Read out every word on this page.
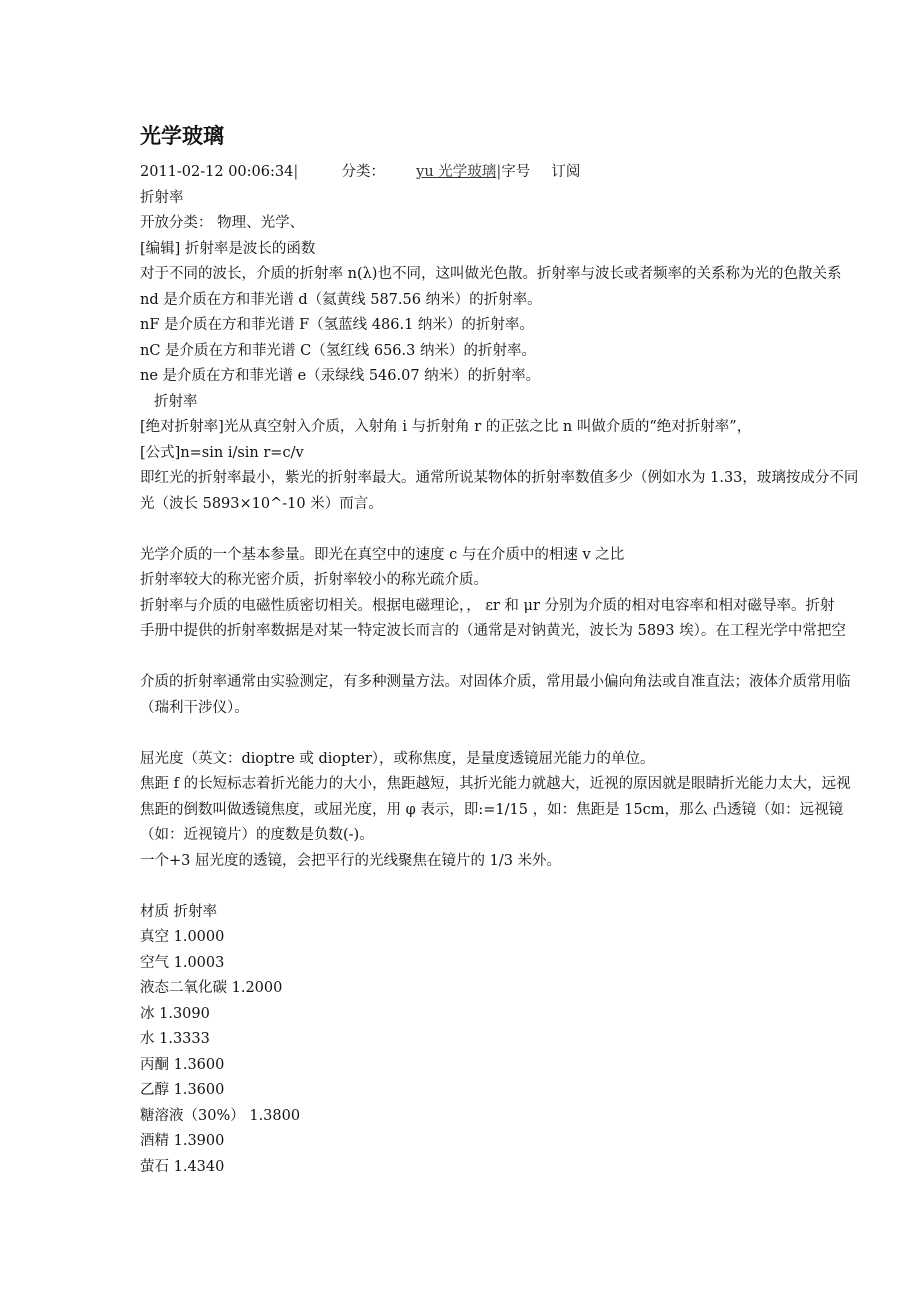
光学玻璃
2011-02-12 00:06:34|	分类： yu 光学玻璃|字号 订阅
折射率
开放分类： 物理、光学、
[编辑] 折射率是波长的函数
对于不同的波长，介质的折射率 n(λ)也不同，这叫做光色散。折射率与波长或者频率的关系称为光的色散关系
nd 是介质在方和菲光谱 d（氦黄线 587.56 纳米）的折射率。
nF 是介质在方和菲光谱 F（氢蓝线 486.1 纳米）的折射率。
nC 是介质在方和菲光谱 C（氢红线 656.3 纳米）的折射率。
ne 是介质在方和菲光谱 e（汞绿线 546.07 纳米）的折射率。
折射率
[绝对折射率]光从真空射入介质，入射角 i 与折射角 r 的正弦之比 n 叫做介质的“绝对折射率”，
[公式]n=sin i/sin r=c/v
即红光的折射率最小，紫光的折射率最大。通常所说某物体的折射率数值多少（例如水为 1.33，玻璃按成分不同
光（波长 5893×10^-10 米）而言。
光学介质的一个基本参量。即光在真空中的速度 c 与在介质中的相速 v 之比
折射率较大的称光密介质，折射率较小的称光疏介质。
折射率与介质的电磁性质密切相关。根据电磁理论，， εr 和 μr 分别为介质的相对电容率和相对磁导率。折射
手册中提供的折射率数据是对某一特定波长而言的（通常是对钠黄光，波长为 5893 埃）。在工程光学中常把空
介质的折射率通常由实验测定，有多种测量方法。对固体介质，常用最小偏向角法或自准直法；液体介质常用临
（瑞利干涉仪）。
屈光度（英文：dioptre 或 diopter），或称焦度，是量度透镜屈光能力的单位。
焦距 f 的长短标志着折光能力的大小，焦距越短，其折光能力就越大，近视的原因就是眼睛折光能力太大，远视
焦距的倒数叫做透镜焦度，或屈光度，用 φ 表示，即:=1/15 ，如：焦距是 15cm，那么 凸透镜（如：远视镜
（如：近视镜片）的度数是负数(-)。
一个+3 屈光度的透镜，会把平行的光线聚焦在镜片的 1/3 米外。
材质 折射率
真空 1.0000
空气 1.0003
液态二氧化碳 1.2000
冰 1.3090
水 1.3333
丙酮 1.3600
乙醇 1.3600
糖溶液（30%） 1.3800
酒精 1.3900
萤石 1.4340
